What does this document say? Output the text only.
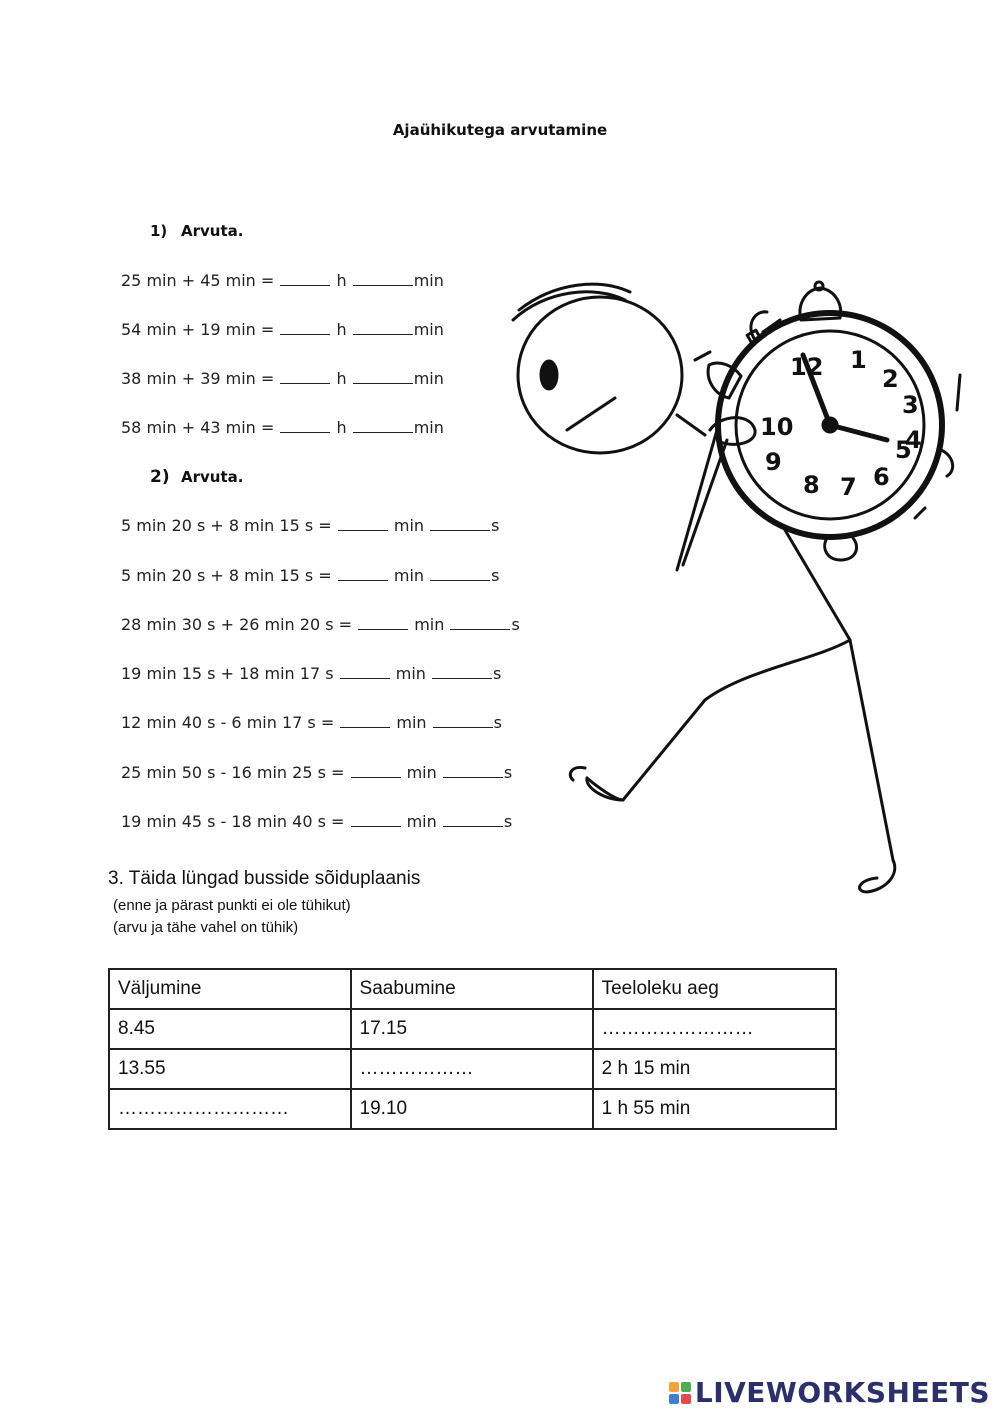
Ajaühikutega arvutamine
1) Arvuta.
25 min + 45 min =	h	min
54 min + 19 min =	h	min
38 min + 39 min =	h	min
58 min + 43 min =	h	min
2) Arvuta.
5 min 20 s + 8 min 15 s =	min	s
5 min 20 s + 8 min 15 s =	min	s
28 min 30 s + 26 min 20 s =	min	s
19 min 15 s + 18 min 17 s	min	s
12 min 40 s - 6 min 17 s =	min	s
25 min 50 s - 16 min 25 s =	min	s
19 min 45 s - 18 min 40 s =	min	s
12 1
2
3
4
5
6
7
8
9
10
3. Täida lüngad busside sõiduplaanis
(enne ja pärast punkti ei ole tühikut)
(arvu ja tähe vahel on tühik)
Väljumine	Saabumine	Teeloleku aeg
8.45	17.15	……………………
13.55	………………	2 h 15 min
………………………	19.10	1 h 55 min
LIVEWORKSHEETS
